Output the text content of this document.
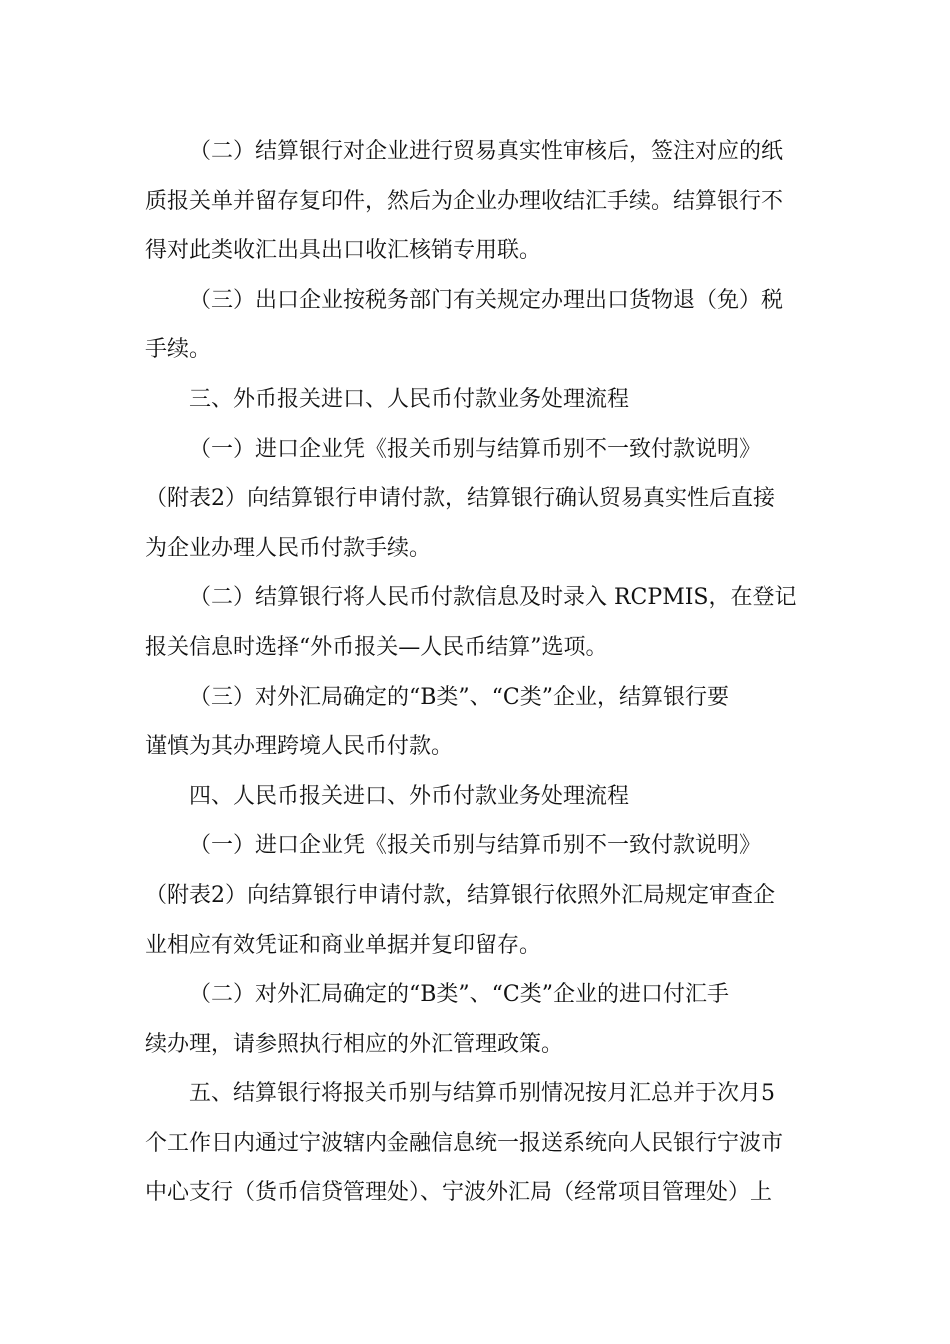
（二）结算银行对企业进行贸易真实性审核后，签注对应的纸
质报关单并留存复印件，然后为企业办理收结汇手续。结算银行不
得对此类收汇出具出口收汇核销专用联。
（三）出口企业按税务部门有关规定办理出口货物退（免）税
手续。
三、外币报关进口、人民币付款业务处理流程
（一）进口企业凭《报关币别与结算币别不一致付款说明》
（附表2）向结算银行申请付款，结算银行确认贸易真实性后直接
为企业办理人民币付款手续。
（二）结算银行将人民币付款信息及时录入 RCPMIS，在登记
报关信息时选择“外币报关—人民币结算”选项。
（三）对外汇局确定的“B类”、“C类”企业，结算银行要
谨慎为其办理跨境人民币付款。
四、人民币报关进口、外币付款业务处理流程
（一）进口企业凭《报关币别与结算币别不一致付款说明》
（附表2）向结算银行申请付款，结算银行依照外汇局规定审查企
业相应有效凭证和商业单据并复印留存。
（二）对外汇局确定的“B类”、“C类”企业的进口付汇手
续办理，请参照执行相应的外汇管理政策。
五、结算银行将报关币别与结算币别情况按月汇总并于次月5
个工作日内通过宁波辖内金融信息统一报送系统向人民银行宁波市
中心支行（货币信贷管理处）、宁波外汇局（经常项目管理处）上
